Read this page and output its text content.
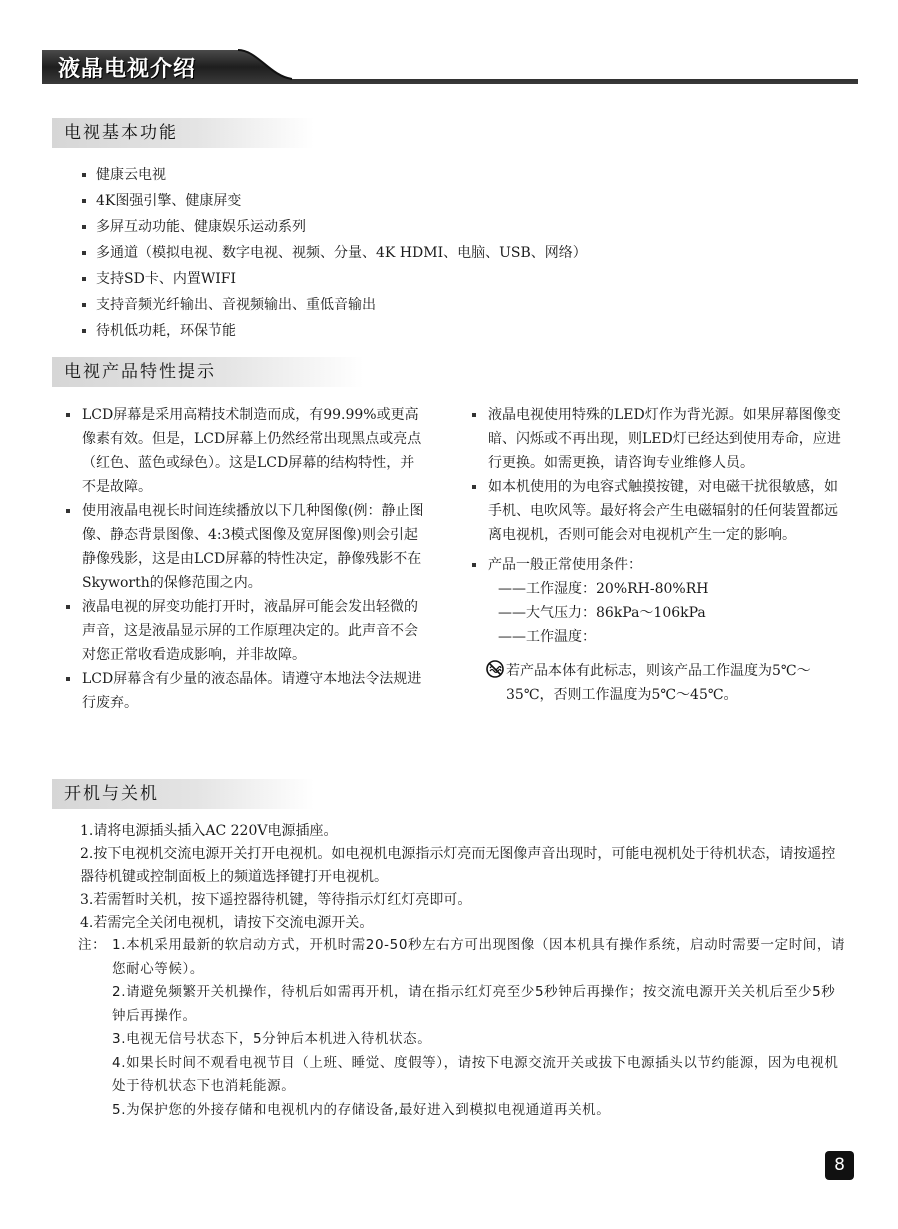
液晶电视介绍
电视基本功能
健康云电视
4K图强引擎、健康屏变
多屏互动功能、健康娱乐运动系列
多通道（模拟电视、数字电视、视频、分量、4K HDMI、电脑、USB、网络）
支持SD卡、内置WIFI
支持音频光纤输出、音视频输出、重低音输出
待机低功耗，环保节能
电视产品特性提示

LCD屏幕是采用高精技术制造而成，有99.99%或更高像素有效。但是，LCD屏幕上仍然经常出现黑点或亮点（红色、蓝色或绿色）。这是LCD屏幕的结构特性，并不是故障。

使用液晶电视长时间连续播放以下几种图像(例：静止图像、静态背景图像、4:3模式图像及宽屏图像)则会引起静像残影，这是由LCD屏幕的特性决定，静像残影不在Skyworth的保修范围之内。

液晶电视的屏变功能打开时，液晶屏可能会发出轻微的声音，这是液晶显示屏的工作原理决定的。此声音不会对您正常收看造成影响，并非故障。

LCD屏幕含有少量的液态晶体。请遵守本地法令法规进行废弃。

液晶电视使用特殊的LED灯作为背光源。如果屏幕图像变暗、闪烁或不再出现，则LED灯已经达到使用寿命，应进行更换。如需更换，请咨询专业维修人员。

如本机使用的为电容式触摸按键，对电磁干扰很敏感，如手机、电吹风等。最好将会产生电磁辐射的任何装置都远离电视机，否则可能会对电视机产生一定的影响。

产品一般正常使用条件：

——工作湿度：20%RH-80%RH
——大气压力：86kPa～106kPa
——工作温度：
若产品本体有此标志，则该产品工作温度为5℃～35℃，否则工作温度为5℃～45℃。
开机与关机

1.请将电源插头插入AC 220V电源插座。

2.按下电视机交流电源开关打开电视机。如电视机电源指示灯亮而无图像声音出现时，可能电视机处于待机状态，请按遥控器待机键或控制面板上的频道选择键打开电视机。

3.若需暂时关机，按下遥控器待机键，等待指示灯红灯亮即可。

4.若需完全关闭电视机，请按下交流电源开关。

注： 1.本机采用最新的软启动方式，开机时需20-50秒左右方可出现图像（因本机具有操作系统，启动时需要一定时间，请您耐心等候）。

2.请避免频繁开关机操作，待机后如需再开机，请在指示红灯亮至少5秒钟后再操作；按交流电源开关关机后至少5秒钟后再操作。

3.电视无信号状态下，5分钟后本机进入待机状态。

4.如果长时间不观看电视节目（上班、睡觉、度假等），请按下电源交流开关或拔下电源插头以节约能源，因为电视机处于待机状态下也消耗能源。

5.为保护您的外接存储和电视机内的存储设备,最好进入到模拟电视通道再关机。

8
